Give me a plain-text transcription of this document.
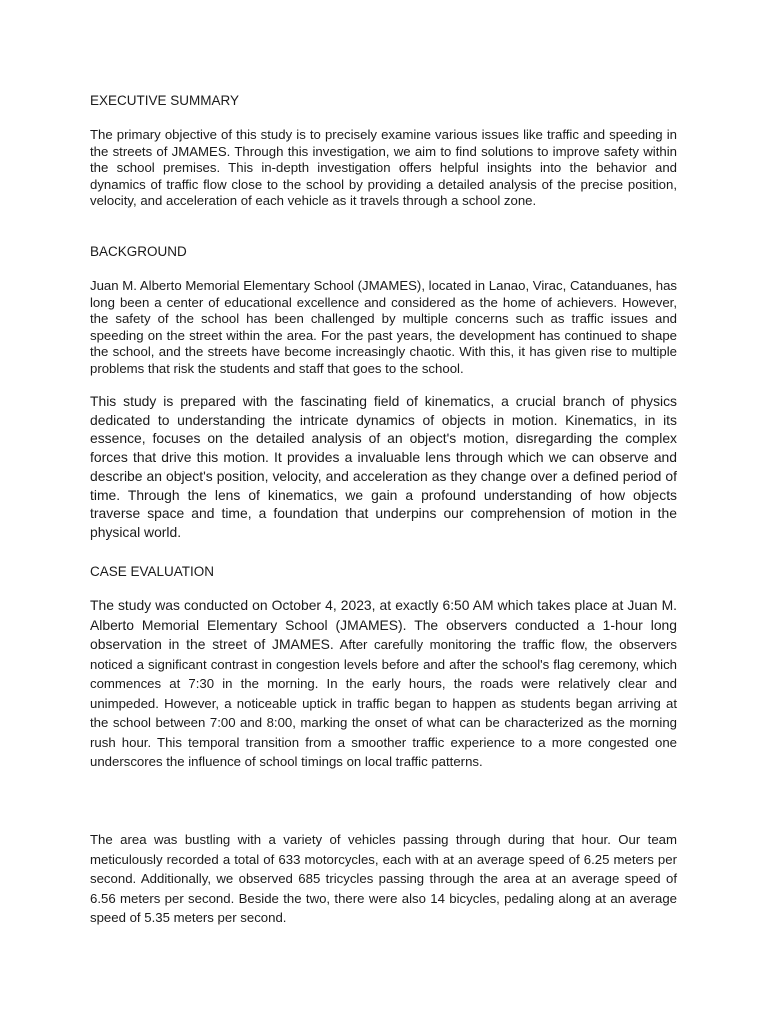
EXECUTIVE SUMMARY

The primary objective of this study is to precisely examine various issues like traffic and speeding in the streets of JMAMES. Through this investigation, we aim to find solutions to improve safety within the school premises. This in-depth investigation offers helpful insights into the behavior and dynamics of traffic flow close to the school by providing a detailed analysis of the precise position, velocity, and acceleration of each vehicle as it travels through a school zone.

BACKGROUND

Juan M. Alberto Memorial Elementary School (JMAMES), located in Lanao, Virac, Catanduanes, has long been a center of educational excellence and considered as the home of achievers. However, the safety of the school has been challenged by multiple concerns such as traffic issues and speeding on the street within the area. For the past years, the development has continued to shape the school, and the streets have become increasingly chaotic. With this, it has given rise to multiple problems that risk the students and staff that goes to the school.

This study is prepared with the fascinating field of kinematics, a crucial branch of physics dedicated to understanding the intricate dynamics of objects in motion. Kinematics, in its essence, focuses on the detailed analysis of an object's motion, disregarding the complex forces that drive this motion. It provides a invaluable lens through which we can observe and describe an object's position, velocity, and acceleration as they change over a defined period of time. Through the lens of kinematics, we gain a profound understanding of how objects traverse space and time, a foundation that underpins our comprehension of motion in the physical world.

CASE EVALUATION

The study was conducted on October 4, 2023, at exactly 6:50 AM which takes place at Juan M. Alberto Memorial Elementary School (JMAMES). The observers conducted a 1-hour long observation in the street of JMAMES. After carefully monitoring the traffic flow, the observers noticed a significant contrast in congestion levels before and after the school's flag ceremony, which commences at 7:30 in the morning. In the early hours, the roads were relatively clear and unimpeded. However, a noticeable uptick in traffic began to happen as students began arriving at the school between 7:00 and 8:00, marking the onset of what can be characterized as the morning rush hour. This temporal transition from a smoother traffic experience to a more congested one underscores the influence of school timings on local traffic patterns.

The area was bustling with a variety of vehicles passing through during that hour. Our team meticulously recorded a total of 633 motorcycles, each with at an average speed of 6.25 meters per second. Additionally, we observed 685 tricycles passing through the area at an average speed of 6.56 meters per second. Beside the two, there were also 14 bicycles, pedaling along at an average speed of 5.35 meters per second.
